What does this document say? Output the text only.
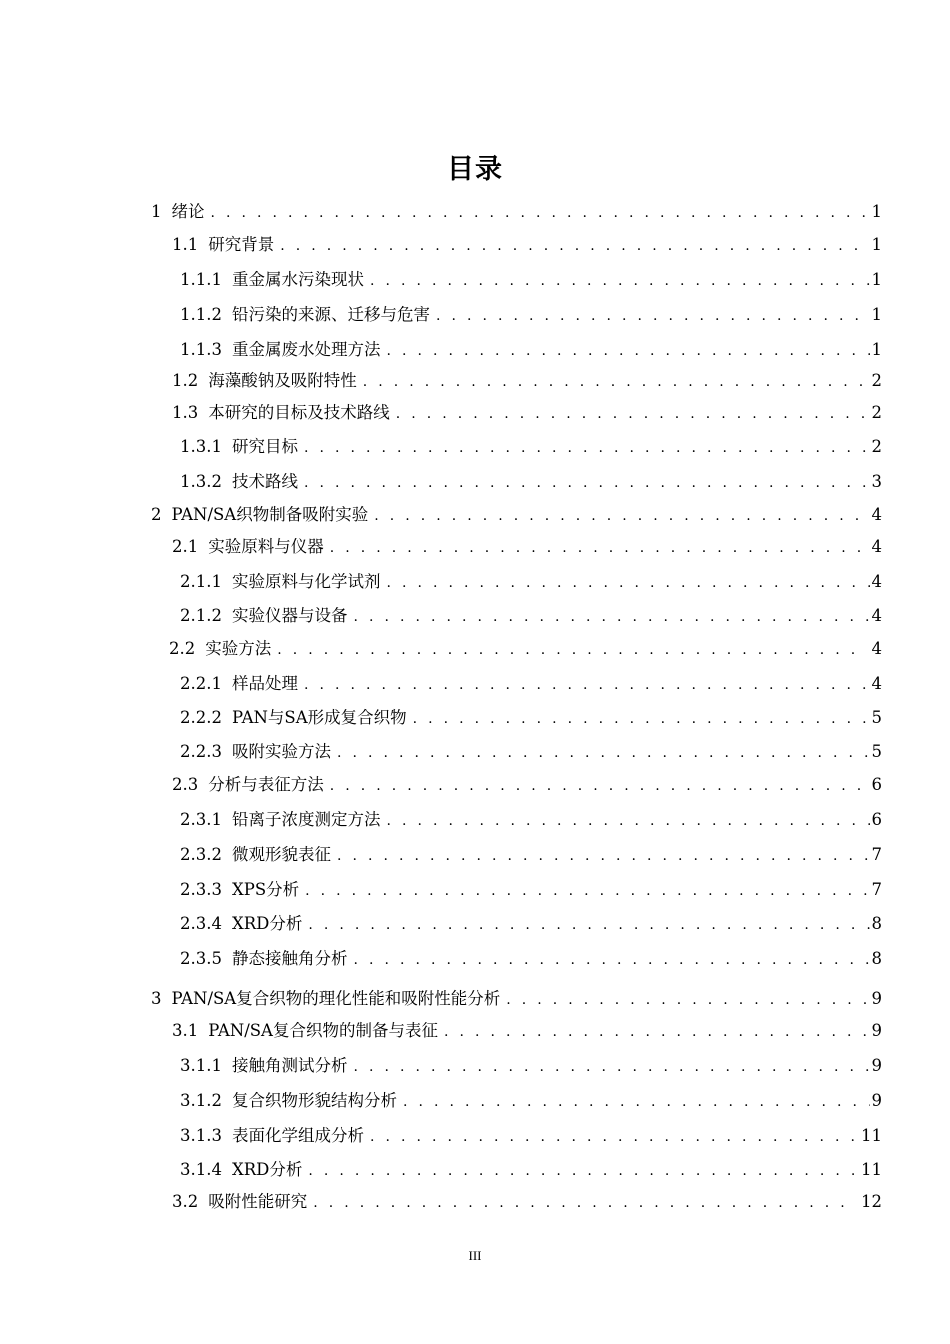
目录
1 绪论 . . .	1
1.1 研究背景 . . .	1
1.1.1 重金属水污染现状 . . .	1
1.1.2 铅污染的来源、迁移与危害 . . .	1
1.1.3 重金属废水处理方法 . . .	1
1.2 海藻酸钠及吸附特性 . . .	2
1.3 本研究的目标及技术路线 . . .	2
1.3.1 研究目标 . . .	2
1.3.2 技术路线 . . .	3
2 PAN/SA织物制备吸附实验 . . .	4
2.1 实验原料与仪器 . . .	4
2.1.1 实验原料与化学试剂 . . .	4
2.1.2 实验仪器与设备 . . .	4
2.2 实验方法 . . .	4
2.2.1 样品处理 . . .	4
2.2.2 PAN与SA形成复合织物 . . .	5
2.2.3 吸附实验方法 . . .	5
2.3 分析与表征方法 . . .	6
2.3.1 铅离子浓度测定方法 . . .	6
2.3.2 微观形貌表征 . . .	7
2.3.3 XPS分析 . . .	7
2.3.4 XRD分析 . . .	8
2.3.5 静态接触角分析 . . .	8
3 PAN/SA复合织物的理化性能和吸附性能分析 . . .	9
3.1 PAN/SA复合织物的制备与表征 . . .	9
3.1.1 接触角测试分析 . . .	9
3.1.2 复合织物形貌结构分析 . . .	9
3.1.3 表面化学组成分析 . . .	11
3.1.4 XRD分析 . . .	11
3.2 吸附性能研究 . . .	12
III
